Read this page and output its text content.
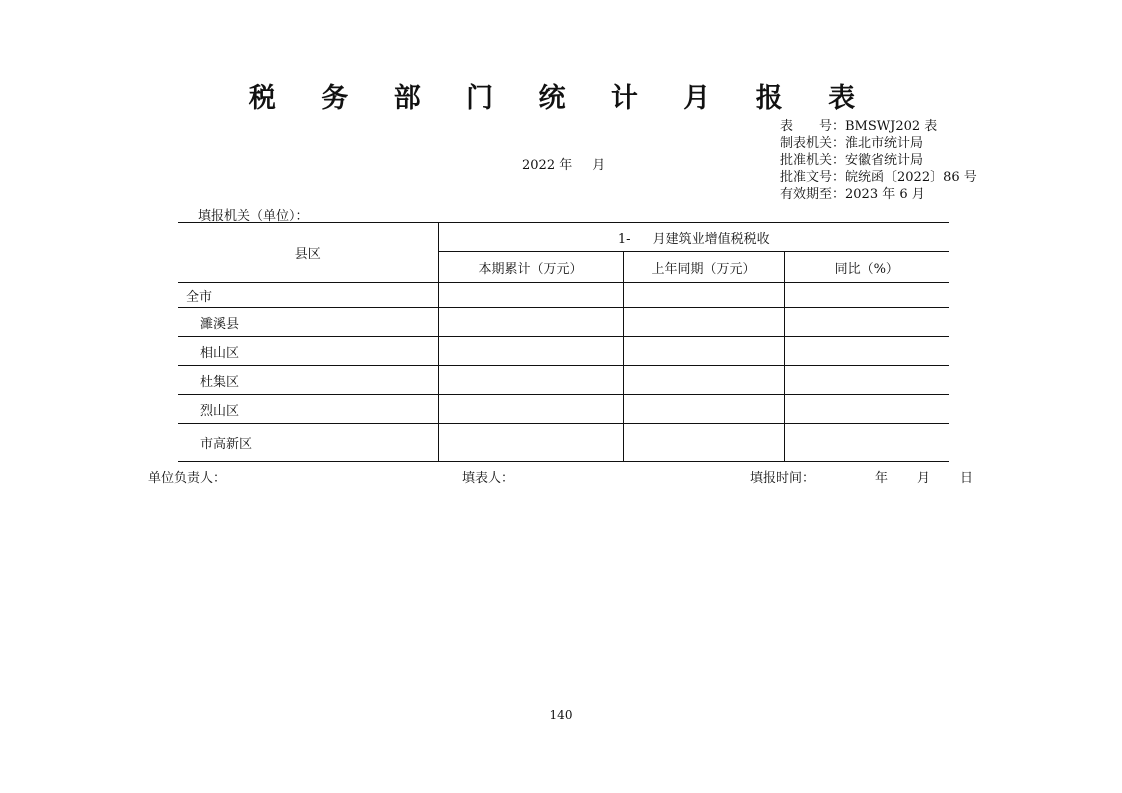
税 务 部 门 统 计 月 报 表
表　　号：BMSWJ202 表
制表机关：淮北市统计局
批准机关：安徽省统计局
批准文号：皖统函〔2022〕86 号
有效期至：2023 年 6 月
2022 年 月
填报机关（单位）：
县区	1- 月建筑业增值税税收		
	本期累计（万元）	上年同期（万元）	同比（%）
全市			
濉溪县			
相山区			
杜集区			
烈山区			
市高新区			
单位负责人：	填表人：	填报时间：	年 月 日
140
